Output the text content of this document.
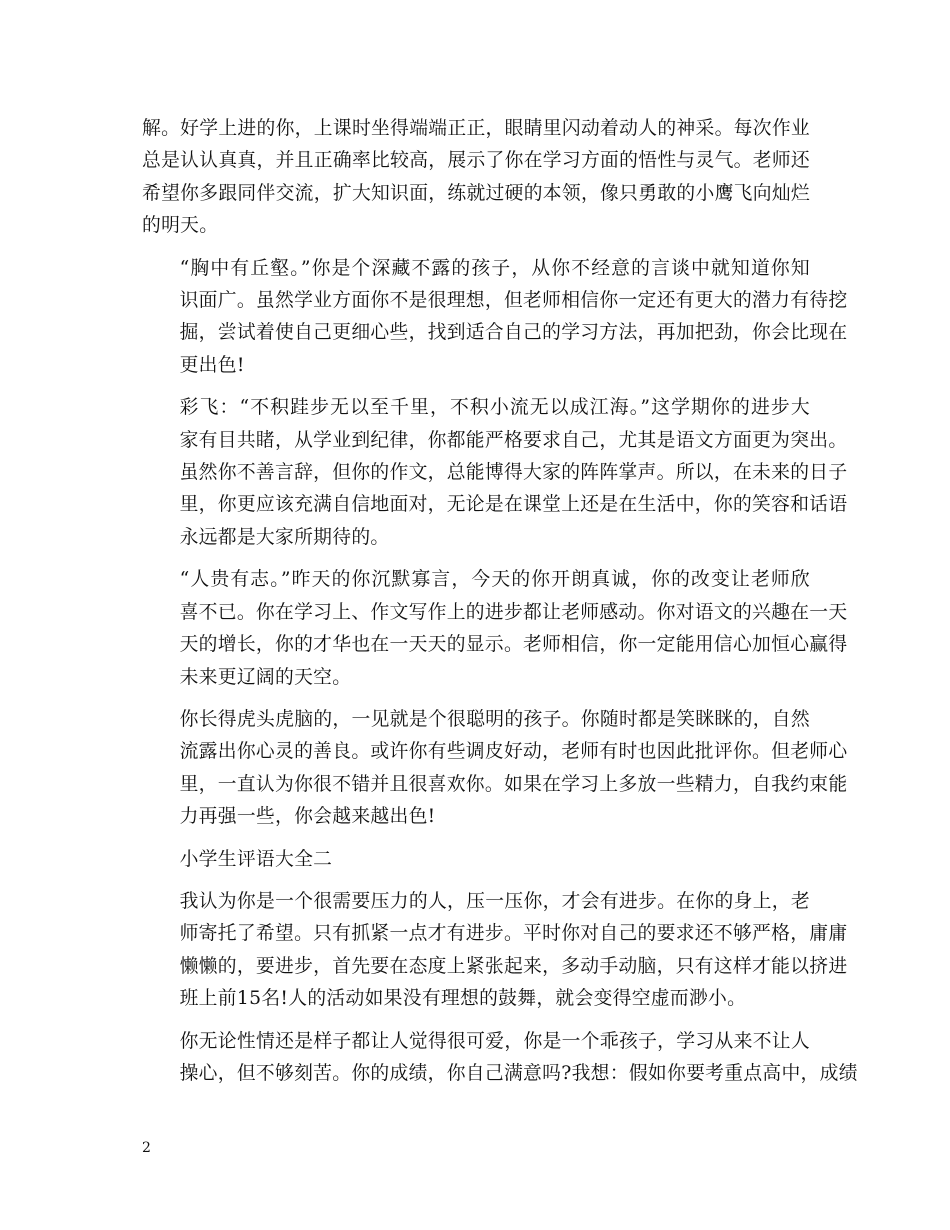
解。好学上进的你，上课时坐得端端正正，眼睛里闪动着动人的神采。每次作业
总是认认真真，并且正确率比较高，展示了你在学习方面的悟性与灵气。老师还
希望你多跟同伴交流，扩大知识面，练就过硬的本领，像只勇敢的小鹰飞向灿烂
的明天。

“胸中有丘壑。”你是个深藏不露的孩子，从你不经意的言谈中就知道你知
识面广。虽然学业方面你不是很理想，但老师相信你一定还有更大的潜力有待挖
掘，尝试着使自己更细心些，找到适合自己的学习方法，再加把劲，你会比现在
更出色!

彩飞：“不积跬步无以至千里，不积小流无以成江海。”这学期你的进步大
家有目共睹，从学业到纪律，你都能严格要求自己，尤其是语文方面更为突出。
虽然你不善言辞，但你的作文，总能博得大家的阵阵掌声。所以，在未来的日子
里，你更应该充满自信地面对，无论是在课堂上还是在生活中，你的笑容和话语
永远都是大家所期待的。

“人贵有志。”昨天的你沉默寡言，今天的你开朗真诚，你的改变让老师欣
喜不已。你在学习上、作文写作上的进步都让老师感动。你对语文的兴趣在一天
天的增长，你的才华也在一天天的显示。老师相信，你一定能用信心加恒心赢得
未来更辽阔的天空。

你长得虎头虎脑的，一见就是个很聪明的孩子。你随时都是笑眯眯的，自然
流露出你心灵的善良。或许你有些调皮好动，老师有时也因此批评你。但老师心
里，一直认为你很不错并且很喜欢你。如果在学习上多放一些精力，自我约束能
力再强一些，你会越来越出色!

小学生评语大全二

我认为你是一个很需要压力的人，压一压你，才会有进步。在你的身上，老
师寄托了希望。只有抓紧一点才有进步。平时你对自己的要求还不够严格，庸庸
懒懒的，要进步，首先要在态度上紧张起来，多动手动脑，只有这样才能以挤进
班上前15名!人的活动如果没有理想的鼓舞，就会变得空虚而渺小。

你无论性情还是样子都让人觉得很可爱，你是一个乖孩子，学习从来不让人
操心，但不够刻苦。你的成绩，你自己满意吗?我想：假如你要考重点高中，成绩

2
